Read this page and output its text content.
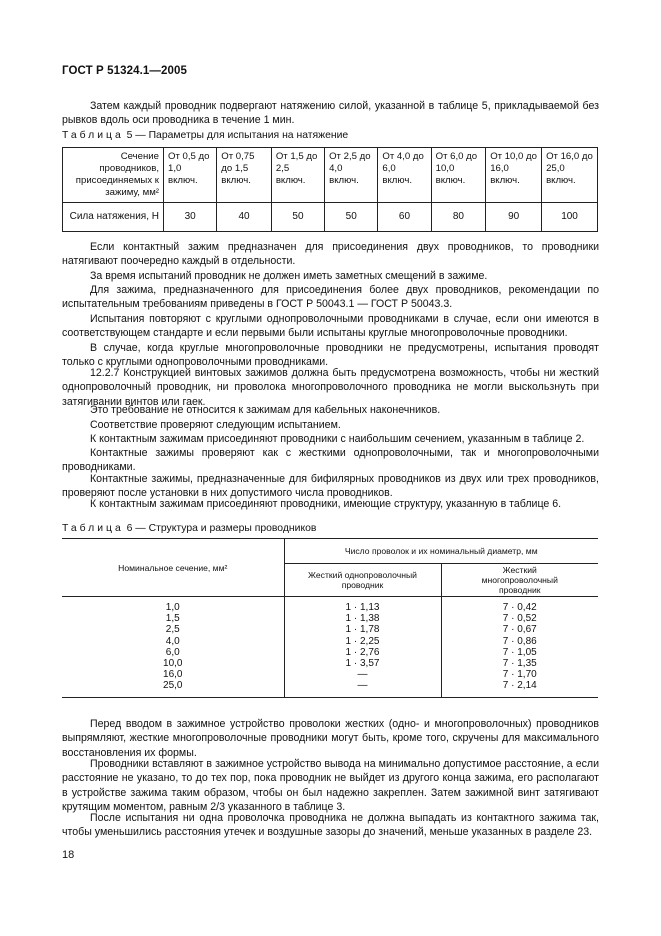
ГОСТ Р 51324.1—2005
Затем каждый проводник подвергают натяжению силой, указанной в таблице 5, прикладываемой без рывков вдоль оси проводника в течение 1 мин.
Таблица 5 — Параметры для испытания на натяжение
Сечение проводников, присоединяемых к зажиму, мм²	От 0,5 до 1,0 включ.	От 0,75 до 1,5 включ.	От 1,5 до 2,5 включ.	От 2,5 до 4,0 включ.	От 4,0 до 6,0 включ.	От 6,0 до 10,0 включ.	От 10,0 до 16,0 включ.	От 16,0 до 25,0 включ.
Сила натяжения, Н	30	40	50	50	60	80	90	100
Если контактный зажим предназначен для присоединения двух проводников, то проводники натягивают поочередно каждый в отдельности.
За время испытаний проводник не должен иметь заметных смещений в зажиме.
Для зажима, предназначенного для присоединения более двух проводников, рекомендации по испытательным требованиям приведены в ГОСТ Р 50043.1 — ГОСТ Р 50043.3.
Испытания повторяют с круглыми однопроволочными проводниками в случае, если они имеются в соответствующем стандарте и если первыми были испытаны круглые многопроволочные проводники.
В случае, когда круглые многопроволочные проводники не предусмотрены, испытания проводят только с круглыми однопроволочными проводниками.
12.2.7 Конструкцией винтовых зажимов должна быть предусмотрена возможность, чтобы ни жесткий однопроволочный проводник, ни проволока многопроволочного проводника не могли выскользнуть при затягивании винтов или гаек.
Это требование не относится к зажимам для кабельных наконечников.
Соответствие проверяют следующим испытанием.
К контактным зажимам присоединяют проводники с наибольшим сечением, указанным в таблице 2.
Контактные зажимы проверяют как с жесткими однопроволочными, так и многопроволочными проводниками.
Контактные зажимы, предназначенные для бифилярных проводников из двух или трех проводников, проверяют после установки в них допустимого числа проводников.
К контактным зажимам присоединяют проводники, имеющие структуру, указанную в таблице 6.
Таблица 6 — Структура и размеры проводников
Номинальное сечение, мм²	Число проволок и их номинальный диаметр, мм	
	Жесткий однопроволочный проводник	Жесткий многопроволочный проводник

1,0	1 · 1,13	7 · 0,42
1,5	1 · 1,38	7 · 0,52
2,5	1 · 1,78	7 · 0,67
4,0	1 · 2,25	7 · 0,86
6,0	1 · 2,76	7 · 1,05
10,0	1 · 3,57	7 · 1,35
16,0	—	7 · 1,70
25,0	—	7 · 2,14

Перед вводом в зажимное устройство проволоки жестких (одно- и многопроволочных) проводников выпрямляют, жесткие многопроволочные проводники могут быть, кроме того, скручены для максимального восстановления их формы.
Проводники вставляют в зажимное устройство вывода на минимально допустимое расстояние, а если расстояние не указано, то до тех пор, пока проводник не выйдет из другого конца зажима, его располагают в устройстве зажима таким образом, чтобы он был надежно закреплен. Затем зажимной винт затягивают крутящим моментом, равным 2/3 указанного в таблице 3.
После испытания ни одна проволочка проводника не должна выпадать из контактного зажима так, чтобы уменьшились расстояния утечек и воздушные зазоры до значений, меньше указанных в разделе 23.
18
